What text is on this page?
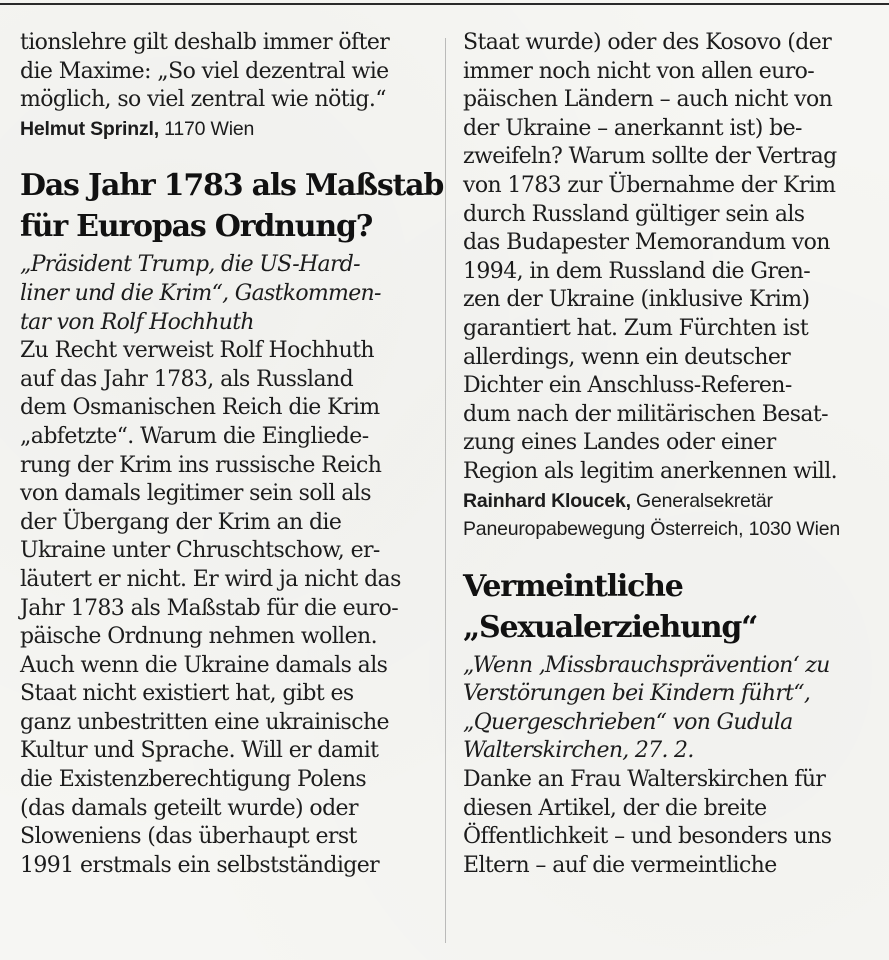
tionslehre gilt deshalb immer öfter
die Maxime: „So viel dezentral wie
möglich, so viel zentral wie nötig.“
Helmut Sprinzl, 1170 Wien
Das Jahr 1783 als Maßstab
für Europas Ordnung?
„Präsident Trump, die US-Hard-
liner und die Krim“, Gastkommen-
tar von Rolf Hochhuth
Zu Recht verweist Rolf Hochhuth
auf das Jahr 1783, als Russland
dem Osmanischen Reich die Krim
„abfetzte“. Warum die Eingliede-
rung der Krim ins russische Reich
von damals legitimer sein soll als
der Übergang der Krim an die
Ukraine unter Chruschtschow, er-
läutert er nicht. Er wird ja nicht das
Jahr 1783 als Maßstab für die euro-
päische Ordnung nehmen wollen.
Auch wenn die Ukraine damals als
Staat nicht existiert hat, gibt es
ganz unbestritten eine ukrainische
Kultur und Sprache. Will er damit
die Existenzberechtigung Polens
(das damals geteilt wurde) oder
Sloweniens (das überhaupt erst
1991 erstmals ein selbstständiger
Staat wurde) oder des Kosovo (der
immer noch nicht von allen euro-
päischen Ländern – auch nicht von
der Ukraine – anerkannt ist) be-
zweifeln? Warum sollte der Vertrag
von 1783 zur Übernahme der Krim
durch Russland gültiger sein als
das Budapester Memorandum von
1994, in dem Russland die Gren-
zen der Ukraine (inklusive Krim)
garantiert hat. Zum Fürchten ist
allerdings, wenn ein deutscher
Dichter ein Anschluss-Referen-
dum nach der militärischen Besat-
zung eines Landes oder einer
Region als legitim anerkennen will.
Rainhard Kloucek, Generalsekretär
Paneuropabewegung Österreich, 1030 Wien
Vermeintliche
„Sexualerziehung“
„Wenn ‚Missbrauchsprävention‘ zu
Verstörungen bei Kindern führt“,
„Quergeschrieben“ von Gudula
Walterskirchen, 27. 2.
Danke an Frau Walterskirchen für
diesen Artikel, der die breite
Öffentlichkeit – und besonders uns
Eltern – auf die vermeintliche
